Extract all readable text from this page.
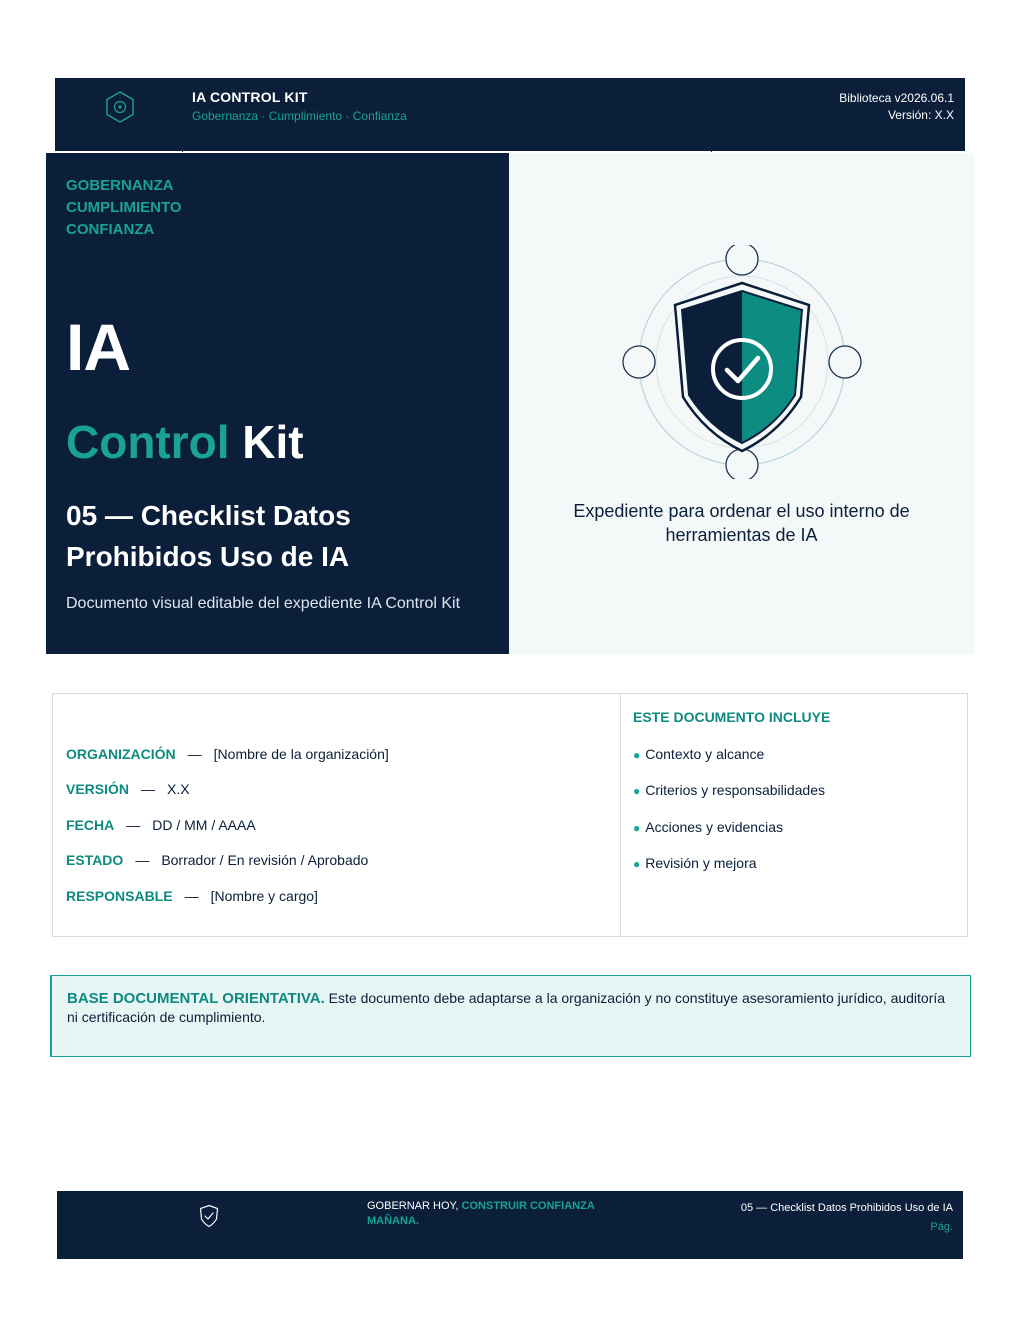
IA CONTROL KIT
Gobernanza · Cumplimiento · Confianza
Biblioteca v2026.06.1
Versión: X.X
GOBERNANZA
CUMPLIMIENTO
CONFIANZA
IA
Control Kit
05 — Checklist Datos Prohibidos Uso de IA
Documento visual editable del expediente IA Control Kit
Expediente para ordenar el uso interno de herramientas de IA
ORGANIZACIÓN — [Nombre de la organización]
VERSIÓN — X.X
FECHA — DD / MM / AAAA
ESTADO — Borrador / En revisión / Aprobado
RESPONSABLE — [Nombre y cargo]
ESTE DOCUMENTO INCLUYE
● Contexto y alcance
● Criterios y responsabilidades
● Acciones y evidencias
● Revisión y mejora
BASE DOCUMENTAL ORIENTATIVA. Este documento debe adaptarse a la organización y no constituye asesoramiento jurídico, auditoría ni certificación de cumplimiento.
GOBERNAR HOY, CONSTRUIR CONFIANZA MAÑANA.
05 — Checklist Datos Prohibidos Uso de IA
Pág.
